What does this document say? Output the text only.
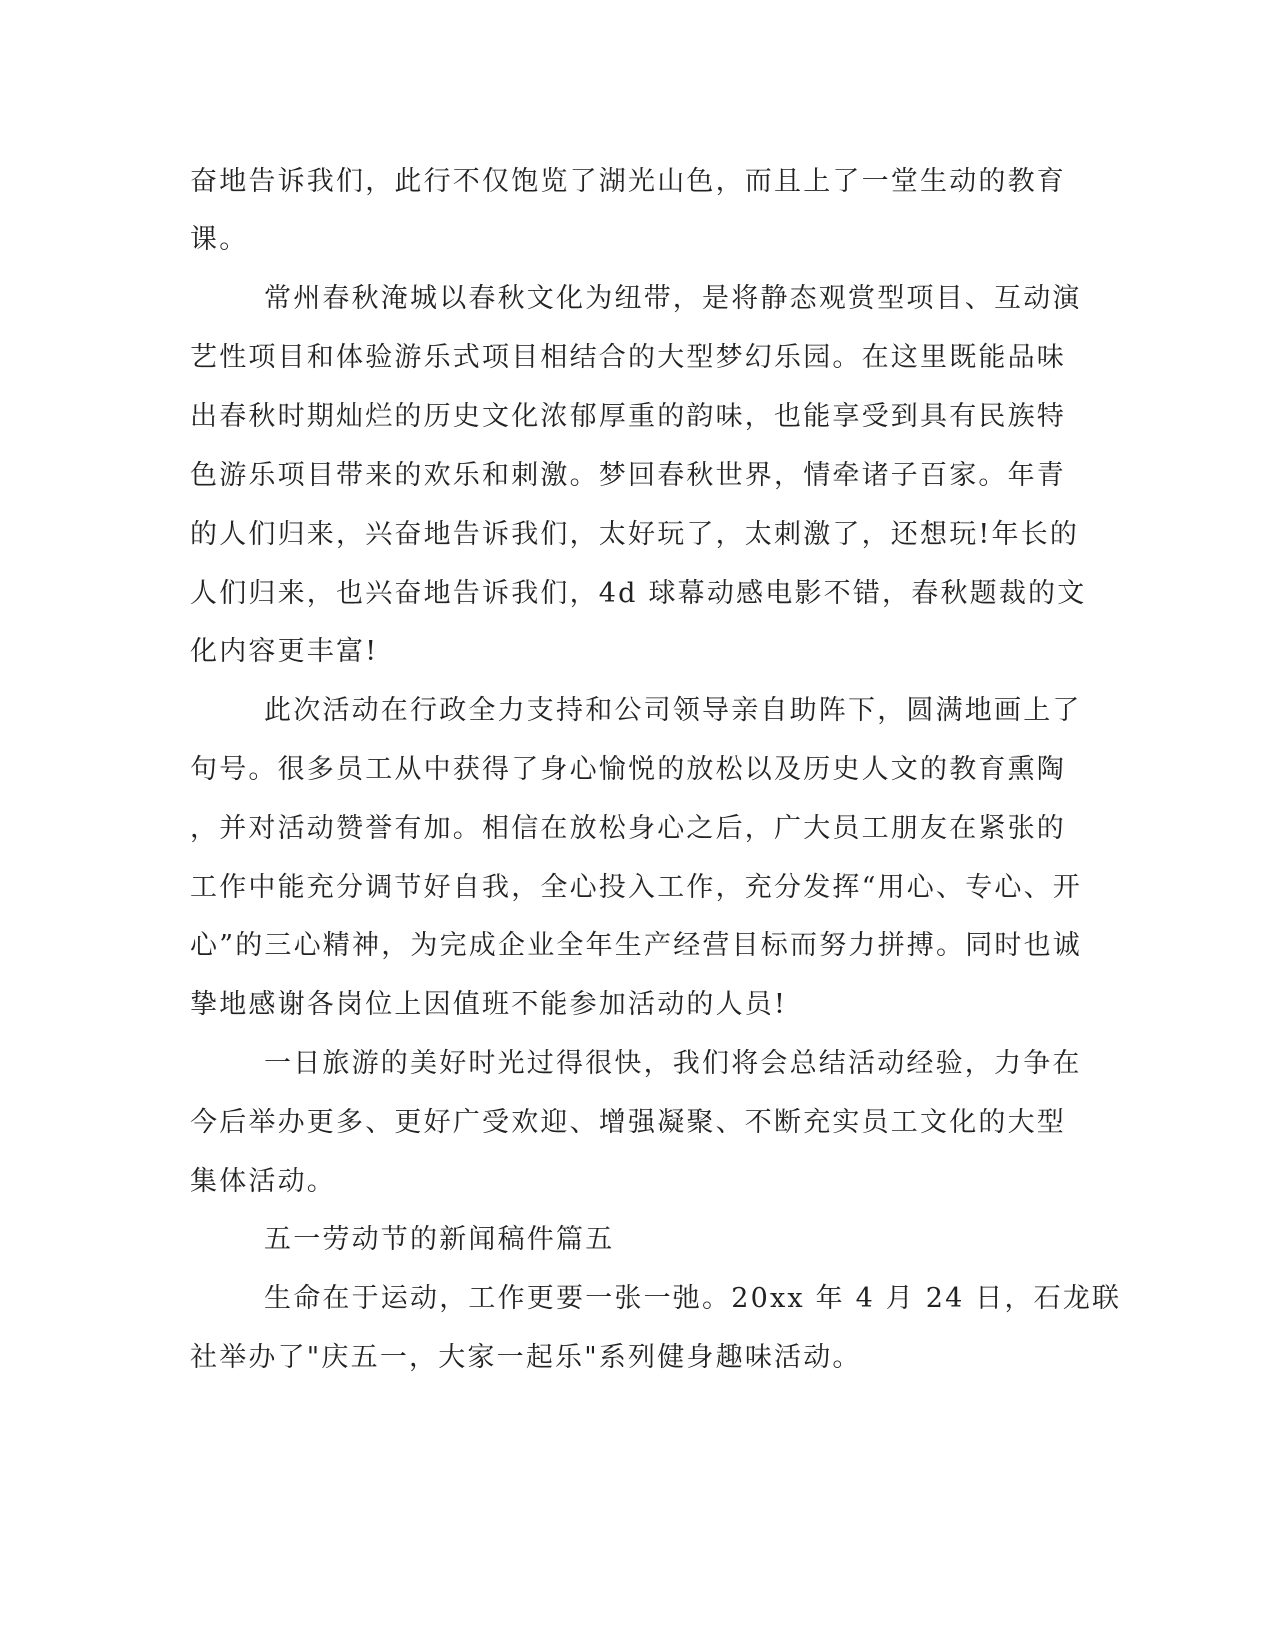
奋地告诉我们，此行不仅饱览了湖光山色，而且上了一堂生动的教育
课。
常州春秋淹城以春秋文化为纽带，是将静态观赏型项目、互动演
艺性项目和体验游乐式项目相结合的大型梦幻乐园。在这里既能品味
出春秋时期灿烂的历史文化浓郁厚重的韵味，也能享受到具有民族特
色游乐项目带来的欢乐和刺激。梦回春秋世界，情牵诸子百家。年青
的人们归来，兴奋地告诉我们，太好玩了，太刺激了，还想玩!年长的
人们归来，也兴奋地告诉我们，4d 球幕动感电影不错，春秋题裁的文
化内容更丰富!
此次活动在行政全力支持和公司领导亲自助阵下，圆满地画上了
句号。很多员工从中获得了身心愉悦的放松以及历史人文的教育熏陶
，并对活动赞誉有加。相信在放松身心之后，广大员工朋友在紧张的
工作中能充分调节好自我，全心投入工作，充分发挥“用心、专心、开
心”的三心精神，为完成企业全年生产经营目标而努力拼搏。同时也诚
挚地感谢各岗位上因值班不能参加活动的人员!
一日旅游的美好时光过得很快，我们将会总结活动经验，力争在
今后举办更多、更好广受欢迎、增强凝聚、不断充实员工文化的大型
集体活动。
五一劳动节的新闻稿件篇五
生命在于运动，工作更要一张一弛。20xx 年 4 月 24 日，石龙联
社举办了"庆五一，大家一起乐"系列健身趣味活动。
